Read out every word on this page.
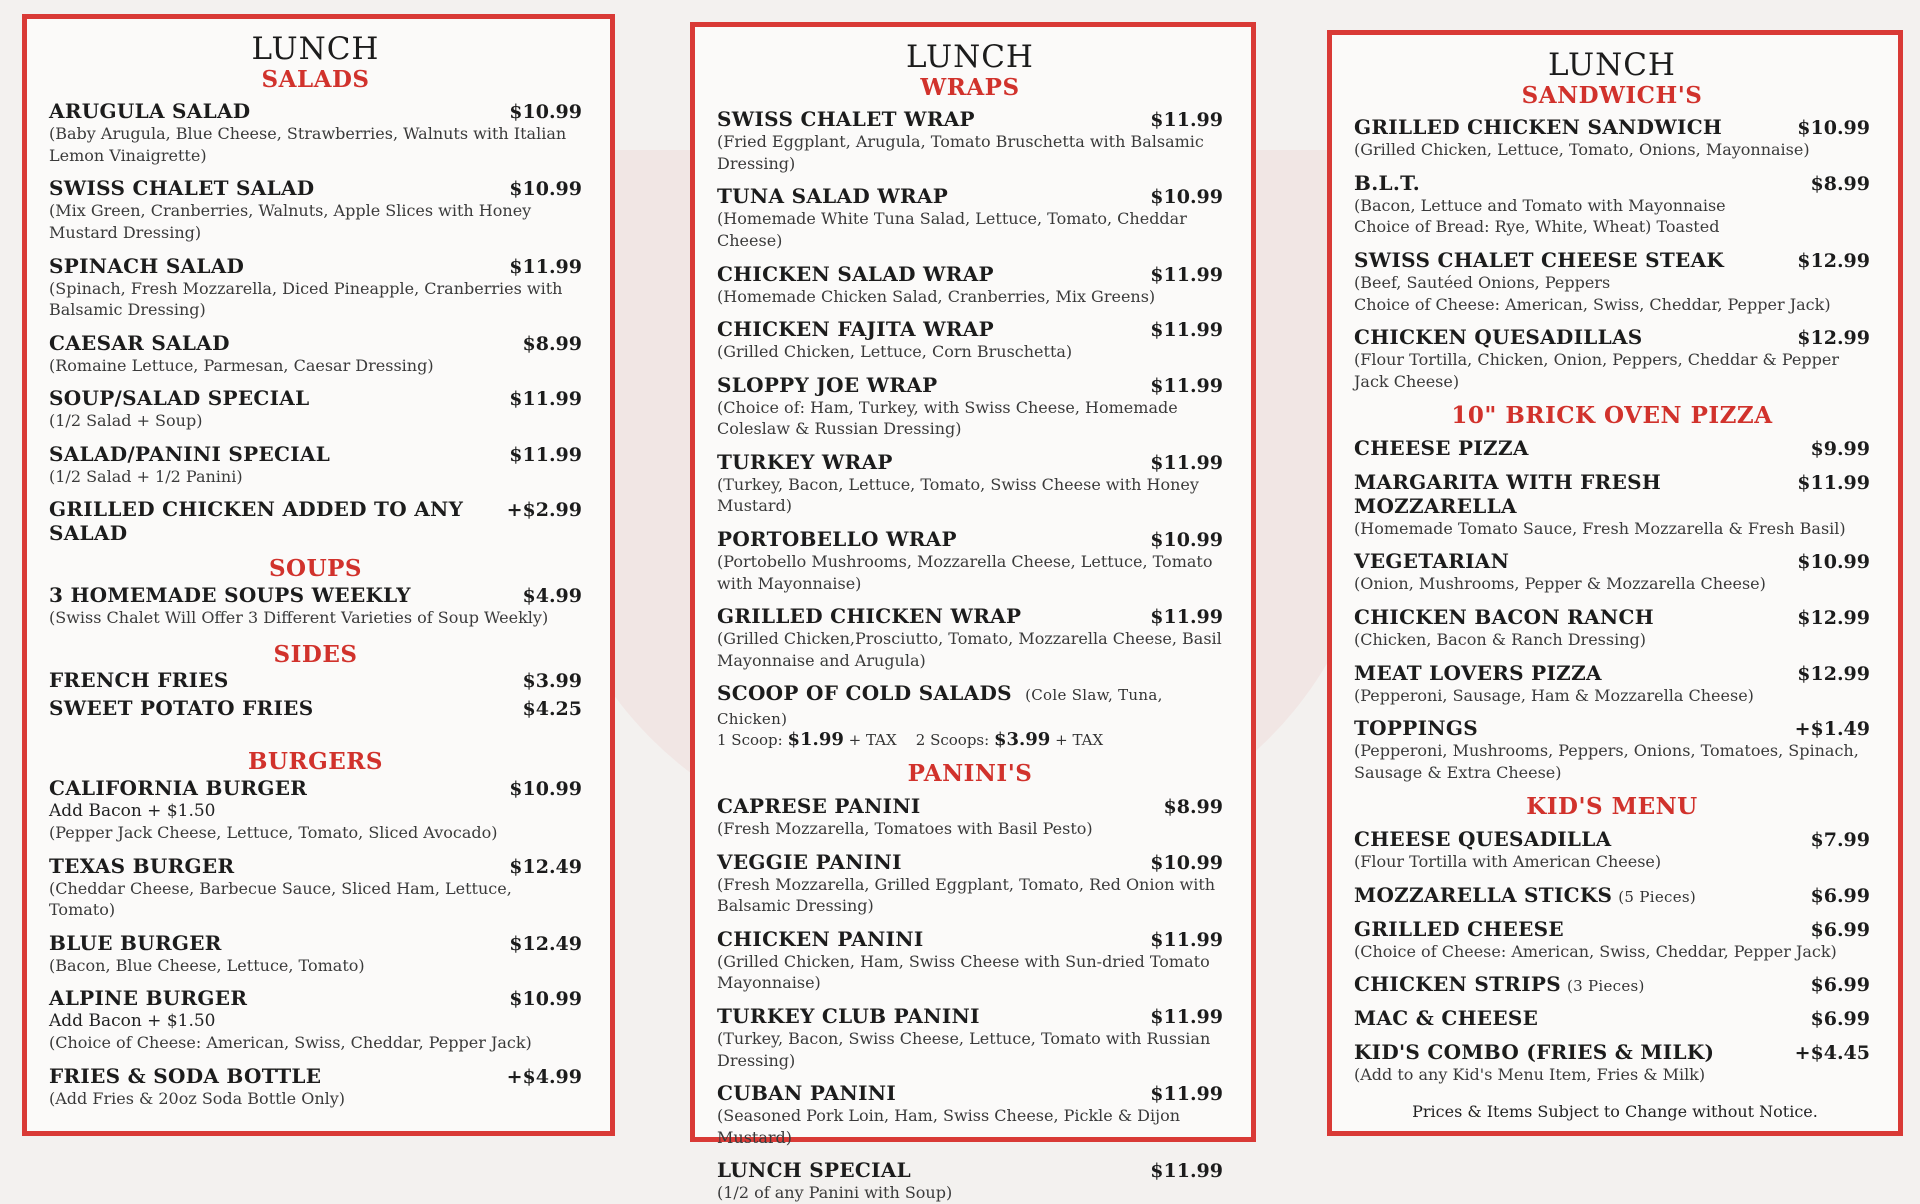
LUNCH
SALADS
ARUGULA SALAD	$10.99
(Baby Arugula, Blue Cheese, Strawberries, Walnuts with Italian Lemon Vinaigrette)
SWISS CHALET SALAD	$10.99
(Mix Green, Cranberries, Walnuts, Apple Slices with Honey Mustard Dressing)
SPINACH SALAD	$11.99
(Spinach, Fresh Mozzarella, Diced Pineapple, Cranberries with Balsamic Dressing)
CAESAR SALAD	$8.99
(Romaine Lettuce, Parmesan, Caesar Dressing)
SOUP/SALAD SPECIAL	$11.99
(1/2 Salad + Soup)
SALAD/PANINI SPECIAL	$11.99
(1/2 Salad + 1/2 Panini)
GRILLED CHICKEN ADDED TO ANY SALAD
+$2.99
SOUPS
3 HOMEMADE SOUPS WEEKLY	$4.99
(Swiss Chalet Will Offer 3 Different Varieties of Soup Weekly)
SIDES
FRENCH FRIES	$3.99
SWEET POTATO FRIES	$4.25
BURGERS
CALIFORNIA BURGER	$10.99
Add Bacon + $1.50
(Pepper Jack Cheese, Lettuce, Tomato, Sliced Avocado)
TEXAS BURGER	$12.49
(Cheddar Cheese, Barbecue Sauce, Sliced Ham, Lettuce, Tomato)
BLUE BURGER	$12.49
(Bacon, Blue Cheese, Lettuce, Tomato)
ALPINE BURGER	$10.99
Add Bacon + $1.50
(Choice of Cheese: American, Swiss, Cheddar, Pepper Jack)
FRIES & SODA BOTTLE	+$4.99
(Add Fries & 20oz Soda Bottle Only)
LUNCH
WRAPS
SWISS CHALET WRAP	$11.99
(Fried Eggplant, Arugula, Tomato Bruschetta with Balsamic Dressing)
TUNA SALAD WRAP	$10.99
(Homemade White Tuna Salad, Lettuce, Tomato, Cheddar Cheese)
CHICKEN SALAD WRAP	$11.99
(Homemade Chicken Salad, Cranberries, Mix Greens)
CHICKEN FAJITA WRAP	$11.99
(Grilled Chicken, Lettuce, Corn Bruschetta)
SLOPPY JOE WRAP	$11.99
(Choice of: Ham, Turkey, with Swiss Cheese, Homemade Coleslaw & Russian Dressing)
TURKEY WRAP	$11.99
(Turkey, Bacon, Lettuce, Tomato, Swiss Cheese with Honey Mustard)
PORTOBELLO WRAP	$10.99
(Portobello Mushrooms, Mozzarella Cheese, Lettuce, Tomato with Mayonnaise)
GRILLED CHICKEN WRAP	$11.99
(Grilled Chicken,Prosciutto, Tomato, Mozzarella Cheese, Basil Mayonnaise and Arugula)
SCOOP OF COLD SALADS (Cole Slaw, Tuna, Chicken)
1 Scoop: $1.99 + TAX 2 Scoops: $3.99 + TAX
PANINI'S
CAPRESE PANINI	$8.99
(Fresh Mozzarella, Tomatoes with Basil Pesto)
VEGGIE PANINI	$10.99
(Fresh Mozzarella, Grilled Eggplant, Tomato, Red Onion with Balsamic Dressing)
CHICKEN PANINI	$11.99
(Grilled Chicken, Ham, Swiss Cheese with Sun-dried Tomato Mayonnaise)
TURKEY CLUB PANINI	$11.99
(Turkey, Bacon, Swiss Cheese, Lettuce, Tomato with Russian Dressing)
CUBAN PANINI	$11.99
(Seasoned Pork Loin, Ham, Swiss Cheese, Pickle & Dijon Mustard)
LUNCH SPECIAL	$11.99
(1/2 of any Panini with Soup)
LUNCH
SANDWICH'S
GRILLED CHICKEN SANDWICH	$10.99
(Grilled Chicken, Lettuce, Tomato, Onions, Mayonnaise)
B.L.T.	$8.99
(Bacon, Lettuce and Tomato with Mayonnaise
Choice of Bread: Rye, White, Wheat) Toasted
SWISS CHALET CHEESE STEAK	$12.99
(Beef, Sautéed Onions, Peppers
Choice of Cheese: American, Swiss, Cheddar, Pepper Jack)
CHICKEN QUESADILLAS	$12.99
(Flour Tortilla, Chicken, Onion, Peppers, Cheddar & Pepper Jack Cheese)
10" BRICK OVEN PIZZA
CHEESE PIZZA	$9.99
MARGARITA WITH FRESH MOZZARELLA
$11.99
(Homemade Tomato Sauce, Fresh Mozzarella & Fresh Basil)
VEGETARIAN	$10.99
(Onion, Mushrooms, Pepper & Mozzarella Cheese)
CHICKEN BACON RANCH	$12.99
(Chicken, Bacon & Ranch Dressing)
MEAT LOVERS PIZZA	$12.99
(Pepperoni, Sausage, Ham & Mozzarella Cheese)
TOPPINGS	+$1.49
(Pepperoni, Mushrooms, Peppers, Onions, Tomatoes, Spinach, Sausage & Extra Cheese)
KID'S MENU
CHEESE QUESADILLA	$7.99
(Flour Tortilla with American Cheese)
MOZZARELLA STICKS (5 Pieces)	$6.99
GRILLED CHEESE	$6.99
(Choice of Cheese: American, Swiss, Cheddar, Pepper Jack)
CHICKEN STRIPS (3 Pieces)	$6.99
MAC & CHEESE	$6.99
KID'S COMBO (FRIES & MILK)	+$4.45
(Add to any Kid's Menu Item, Fries & Milk)
Prices & Items Subject to Change without Notice.
